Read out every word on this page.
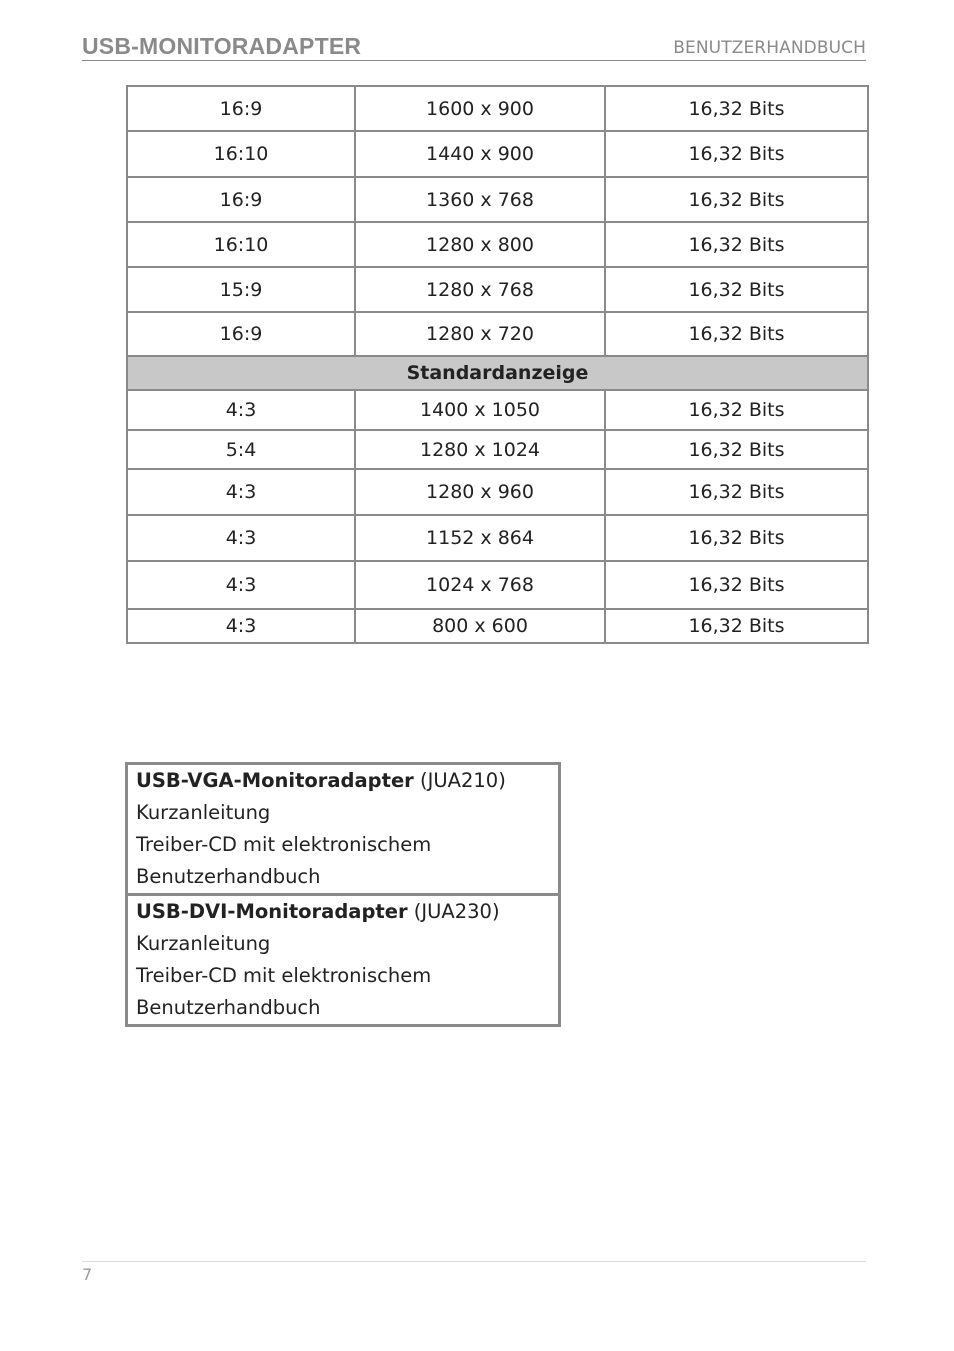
USB-MONITORADAPTER	BENUTZERHANDBUCH
16:9	1600 x 900	16,32 Bits
16:10	1440 x 900	16,32 Bits
16:9	1360 x 768	16,32 Bits
16:10	1280 x 800	16,32 Bits
15:9	1280 x 768	16,32 Bits
16:9	1280 x 720	16,32 Bits
Standardanzeige		
4:3	1400 x 1050	16,32 Bits
5:4	1280 x 1024	16,32 Bits
4:3	1280 x 960	16,32 Bits
4:3	1152 x 864	16,32 Bits
4:3	1024 x 768	16,32 Bits
4:3	800 x 600	16,32 Bits
USB-VGA-Monitoradapter (JUA210)
Kurzanleitung
Treiber-CD mit elektronischem
Benutzerhandbuch

USB-DVI-Monitoradapter (JUA230)
Kurzanleitung
Treiber-CD mit elektronischem
Benutzerhandbuch
7
